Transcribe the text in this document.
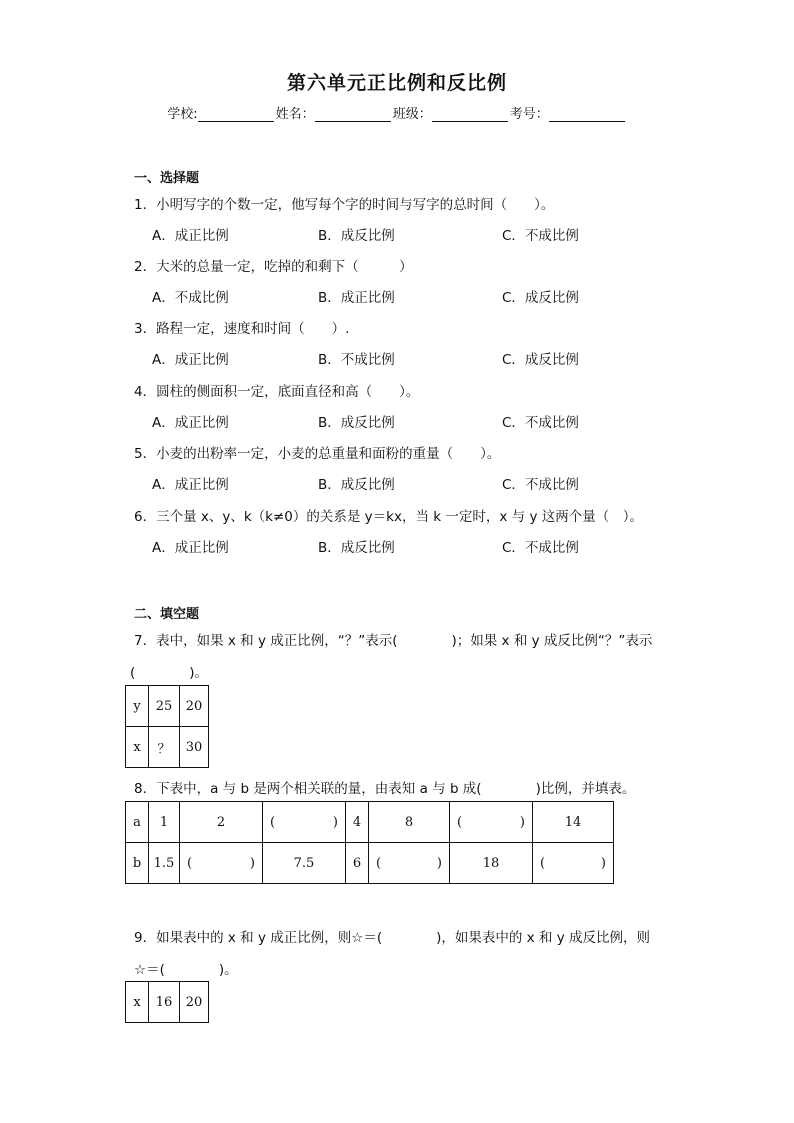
第六单元正比例和反比例
学校:	姓名：	班级：	考号：
一、选择题
1．小明写字的个数一定，他写每个字的时间与写字的总时间（　　）。
A．成正比例	B．成反比例	C．不成比例
2．大米的总量一定，吃掉的和剩下（　　　）
A．不成比例	B．成正比例	C．成反比例
3．路程一定，速度和时间（　　）.
A．成正比例	B．不成比例	C．成反比例
4．圆柱的侧面积一定，底面直径和高（　　）。
A．成正比例	B．成反比例	C．不成比例
5．小麦的出粉率一定，小麦的总重量和面粉的重量（　　）。
A．成正比例	B．成反比例	C．不成比例
6．三个量 x、y、k（k≠0）的关系是 y＝kx，当 k 一定时，x 与 y 这两个量（　）。
A．成正比例	B．成反比例	C．不成比例
二、填空题
7．表中，如果 x 和 y 成正比例，“？”表示(　　　　)；如果 x 和 y 成反比例“？”表示
(　　　　)。
y	25	20
x	？	30
8．下表中，a 与 b 是两个相关联的量，由表知 a 与 b 成(　　　　)比例，并填表。
a	1	2	( )	4	8	( )	14
b	1.5	( )	7.5	6	( )	18	( )
9．如果表中的 x 和 y 成正比例，则☆＝(　　　　)，如果表中的 x 和 y 成反比例，则
☆＝(　　　　)。
x	16	20
